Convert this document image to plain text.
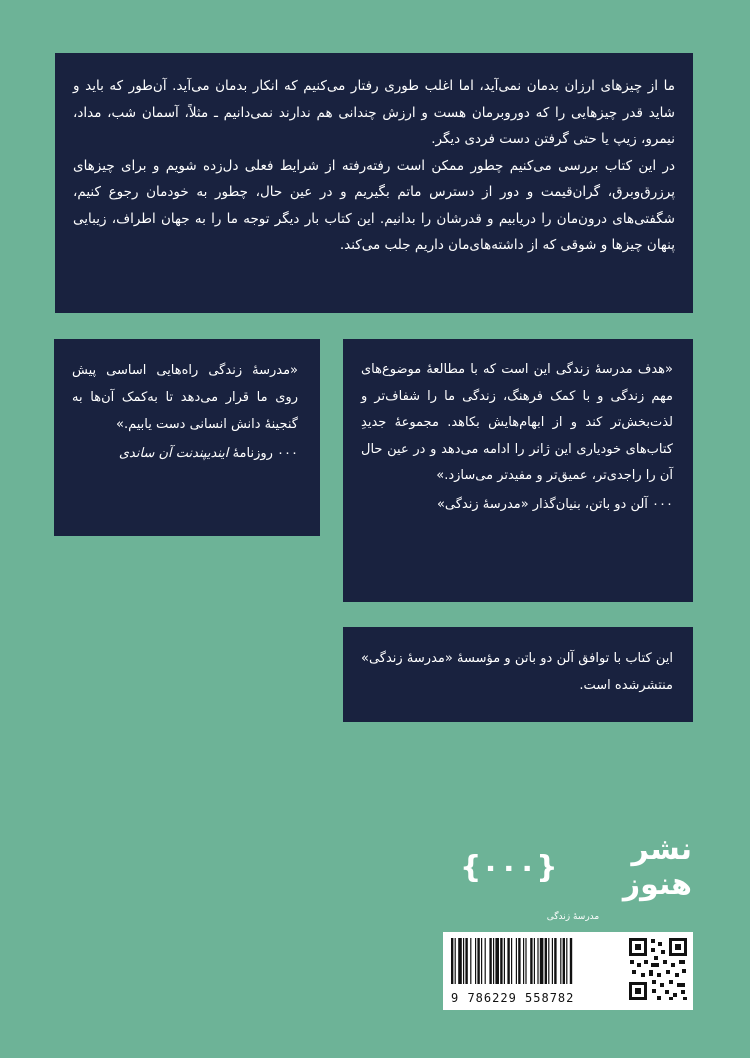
ما از چیزهای ارزان بدمان نمی‌آید، اما اغلب طوری رفتار می‌کنیم که انکار بدمان می‌آید. آن‌طور که باید و شاید قدر چیزهایی را که دوروبرمان هست و ارزش چندانی هم ندارند نمی‌دانیم ـ مثلاً، آسمان شب، مداد، نیمرو، زیپ یا حتی گرفتن دست فردی دیگر.

در این کتاب بررسی می‌کنیم چطور ممکن است رفته‌رفته از شرایط فعلی دل‌زده شویم و برای چیزهای پرزرق‌وبرق، گران‌قیمت و دور از دسترس ماتم بگیریم و در عین حال، چطور به خودمان رجوع کنیم، شگفتی‌های درون‌مان را دریابیم و قدرشان را بدانیم. این کتاب بار دیگر توجه ما را به جهان اطراف، زیبایی پنهان چیزها و شوقی که از داشته‌های‌مان داریم جلب می‌کند.

«هدف مدرسهٔ زندگی این است که با مطالعهٔ موضوع‌های مهم زندگی و با کمک فرهنگ، زندگی ما را شفاف‌تر و لذت‌بخش‌تر کند و از ابهام‌هایش بکاهد. مجموعهٔ جدیدِ کتاب‌های خودیاری این ژانر را ادامه می‌دهد و در عین حال آن را راجدی‌تر، عمیق‌تر و مفیدتر می‌سازد.»

۰۰۰ آلن دو باتن، بنیان‌گذار «مدرسهٔ زندگی»

«مدرسهٔ زندگی راه‌هایی اساسی پیش روی ما قرار می‌دهد تا به‌کمک آن‌ها به گنجینهٔ دانش انسانی دست یابیم.»

۰۰۰ روزنامهٔ ایندیپندنت آن ساندی

این کتاب با توافق آلن دو باتن و مؤسسهٔ «مدرسهٔ زندگی» منتشرشده است.

نشر هنوز
{۰۰۰}
مدرسهٔ زندگی
9 786229 558782
